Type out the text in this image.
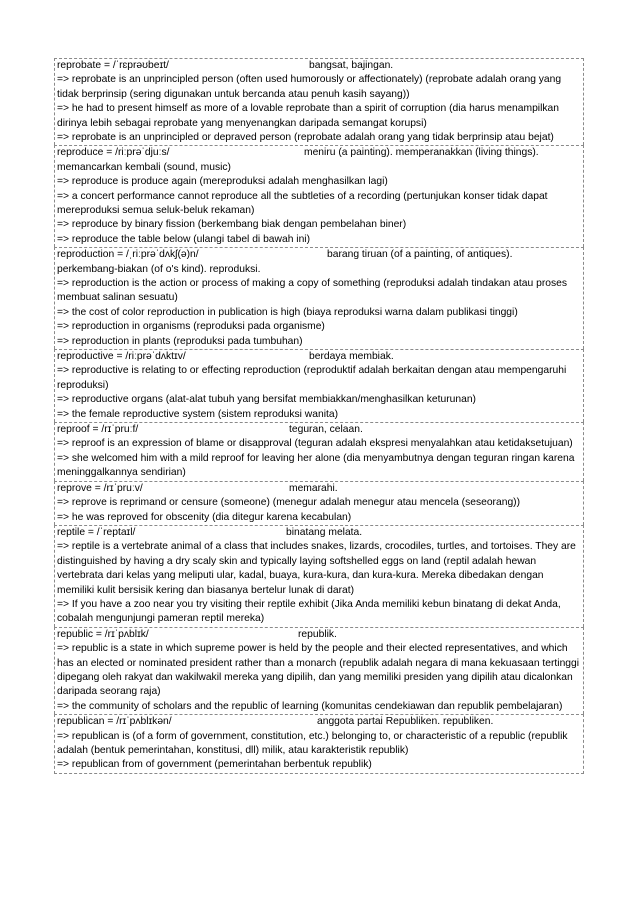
reprobate = /ˈrɛprəʊbeɪt/	bangsat, bajingan.
=> reprobate is an unprincipled person (often used humorously or affectionately) (reprobate adalah orang yang tidak berprinsip (sering digunakan untuk bercanda atau penuh kasih sayang))
=> he had to present himself as more of a lovable reprobate than a spirit of corruption (dia harus menampilkan dirinya lebih sebagai reprobate yang menyenangkan daripada semangat korupsi)
=> reprobate is an unprincipled or depraved person (reprobate adalah orang yang tidak berprinsip atau bejat)
reproduce = /riːprəˈdjuːs/	meniru (a painting). memperanakkan (living things).
memancarkan kembali (sound, music)
=> reproduce is produce again (mereproduksi adalah menghasilkan lagi)
=> a concert performance cannot reproduce all the subtleties of a recording (pertunjukan konser tidak dapat mereproduksi semua seluk-beluk rekaman)
=> reproduce by binary fission (berkembang biak dengan pembelahan biner)
=> reproduce the table below (ulangi tabel di bawah ini)
reproduction = /ˌriːprəˈdʌkʃ(ə)n/	barang tiruan (of a painting, of antiques).
perkembang-biakan (of o's kind). reproduksi.
=> reproduction is the action or process of making a copy of something (reproduksi adalah tindakan atau proses membuat salinan sesuatu)
=> the cost of color reproduction in publication is high (biaya reproduksi warna dalam publikasi tinggi)
=> reproduction in organisms (reproduksi pada organisme)
=> reproduction in plants (reproduksi pada tumbuhan)
reproductive = /riːprəˈdʌktɪv/	berdaya membiak.
=> reproductive is relating to or effecting reproduction (reproduktif adalah berkaitan dengan atau mempengaruhi reproduksi)
=> reproductive organs (alat-alat tubuh yang bersifat membiakkan/menghasilkan keturunan)
=> the female reproductive system (sistem reproduksi wanita)
reproof = /rɪˈpruːf/	teguran, celaan.
=> reproof is an expression of blame or disapproval (teguran adalah ekspresi menyalahkan atau ketidaksetujuan)
=> she welcomed him with a mild reproof for leaving her alone (dia menyambutnya dengan teguran ringan karena meninggalkannya sendirian)
reprove = /rɪˈpruːv/	memarahi.
=> reprove is reprimand or censure (someone) (menegur adalah menegur atau mencela (seseorang))
=> he was reproved for obscenity (dia ditegur karena kecabulan)
reptile = /ˈreptaɪl/	binatang melata.
=> reptile is a vertebrate animal of a class that includes snakes, lizards, crocodiles, turtles, and tortoises. They are distinguished by having a dry scaly skin and typically laying softshelled eggs on land (reptil adalah hewan vertebrata dari kelas yang meliputi ular, kadal, buaya, kura-kura, dan kura-kura. Mereka dibedakan dengan memiliki kulit bersisik kering dan biasanya bertelur lunak di darat)
=> If you have a zoo near you try visiting their reptile exhibit (Jika Anda memiliki kebun binatang di dekat Anda, cobalah mengunjungi pameran reptil mereka)
republic = /rɪˈpʌblɪk/	republik.
=> republic is a state in which supreme power is held by the people and their elected representatives, and which has an elected or nominated president rather than a monarch (republik adalah negara di mana kekuasaan tertinggi dipegang oleh rakyat dan wakilwakil mereka yang dipilih, dan yang memiliki presiden yang dipilih atau dicalonkan daripada seorang raja)
=> the community of scholars and the republic of learning (komunitas cendekiawan dan republik pembelajaran)
republican = /rɪˈpʌblɪkən/	anggota partai Republiken. republiken.
=> republican is (of a form of government, constitution, etc.) belonging to, or characteristic of a republic (republik adalah (bentuk pemerintahan, konstitusi, dll) milik, atau karakteristik republik)
=> republican from of government (pemerintahan berbentuk republik)
